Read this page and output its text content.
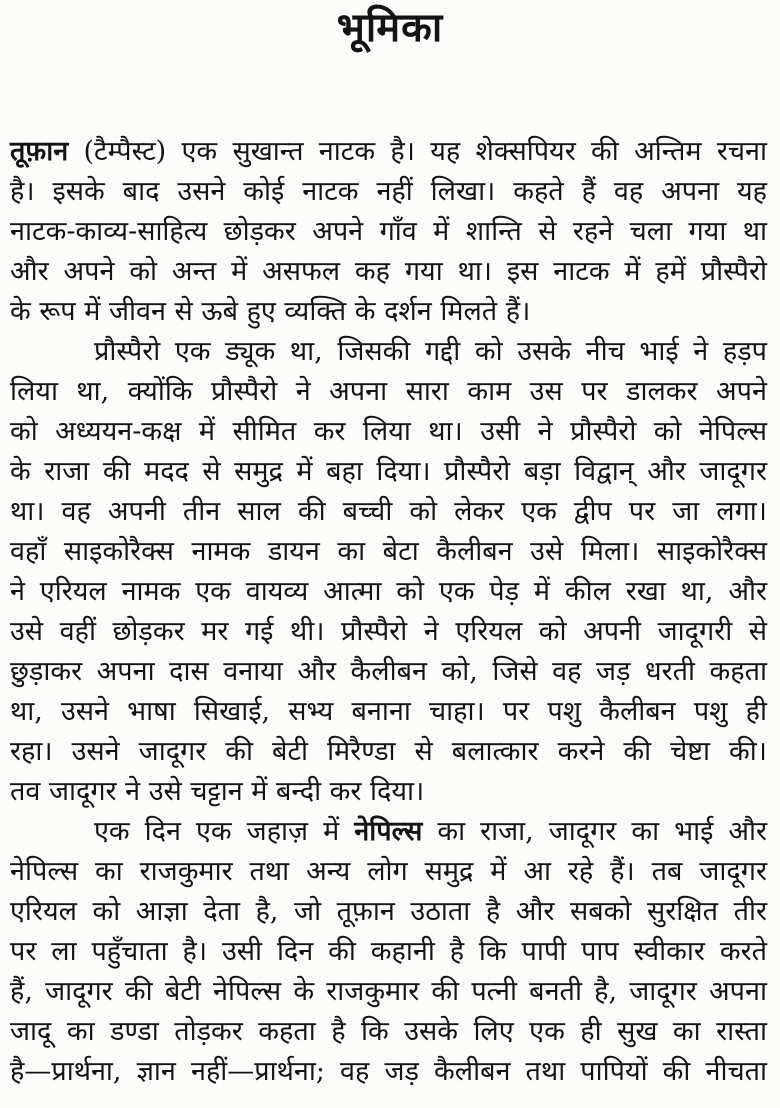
भूमिका
तूफ़ान (टैम्पैस्ट) एक सुखान्त नाटक है। यह शेक्सपियर की अन्तिम रचना
है। इसके बाद उसने कोई नाटक नहीं लिखा। कहते हैं वह अपना यह
नाटक-काव्य-साहित्य छोड़कर अपने गाँव में शान्ति से रहने चला गया था
और अपने को अन्त में असफल कह गया था। इस नाटक में हमें प्रौस्पैरो
के रूप में जीवन से ऊबे हुए व्यक्ति के दर्शन मिलते हैं।
प्रौस्पैरो एक ड्यूक था, जिसकी गद्दी को उसके नीच भाई ने हड़प
लिया था, क्योंकि प्रौस्पैरो ने अपना सारा काम उस पर डालकर अपने
को अध्ययन-कक्ष में सीमित कर लिया था। उसी ने प्रौस्पैरो को नेपिल्स
के राजा की मदद से समुद्र में बहा दिया। प्रौस्पैरो बड़ा विद्वान् और जादूगर
था। वह अपनी तीन साल की बच्ची को लेकर एक द्वीप पर जा लगा।
वहाँ साइकोरैक्स नामक डायन का बेटा कैलीबन उसे मिला। साइकोरैक्स
ने एरियल नामक एक वायव्य आत्मा को एक पेड़ में कील रखा था, और
उसे वहीं छोड़कर मर गई थी। प्रौस्पैरो ने एरियल को अपनी जादूगरी से
छुड़ाकर अपना दास वनाया और कैलीबन को, जिसे वह जड़ धरती कहता
था, उसने भाषा सिखाई, सभ्य बनाना चाहा। पर पशु कैलीबन पशु ही
रहा। उसने जादूगर की बेटी मिरैण्डा से बलात्कार करने की चेष्टा की।
तव जादूगर ने उसे चट्टान में बन्दी कर दिया।
एक दिन एक जहाज़ में नेपिल्स का राजा, जादूगर का भाई और
नेपिल्स का राजकुमार तथा अन्य लोग समुद्र में आ रहे हैं। तब जादूगर
एरियल को आज्ञा देता है, जो तूफ़ान उठाता है और सबको सुरक्षित तीर
पर ला पहुँचाता है। उसी दिन की कहानी है कि पापी पाप स्वीकार करते
हैं, जादूगर की बेटी नेपिल्स के राजकुमार की पत्नी बनती है, जादूगर अपना
जादू का डण्डा तोड़कर कहता है कि उसके लिए एक ही सुख का रास्ता
है—प्रार्थना, ज्ञान नहीं—प्रार्थना; वह जड़ कैलीबन तथा पापियों की नीचता
